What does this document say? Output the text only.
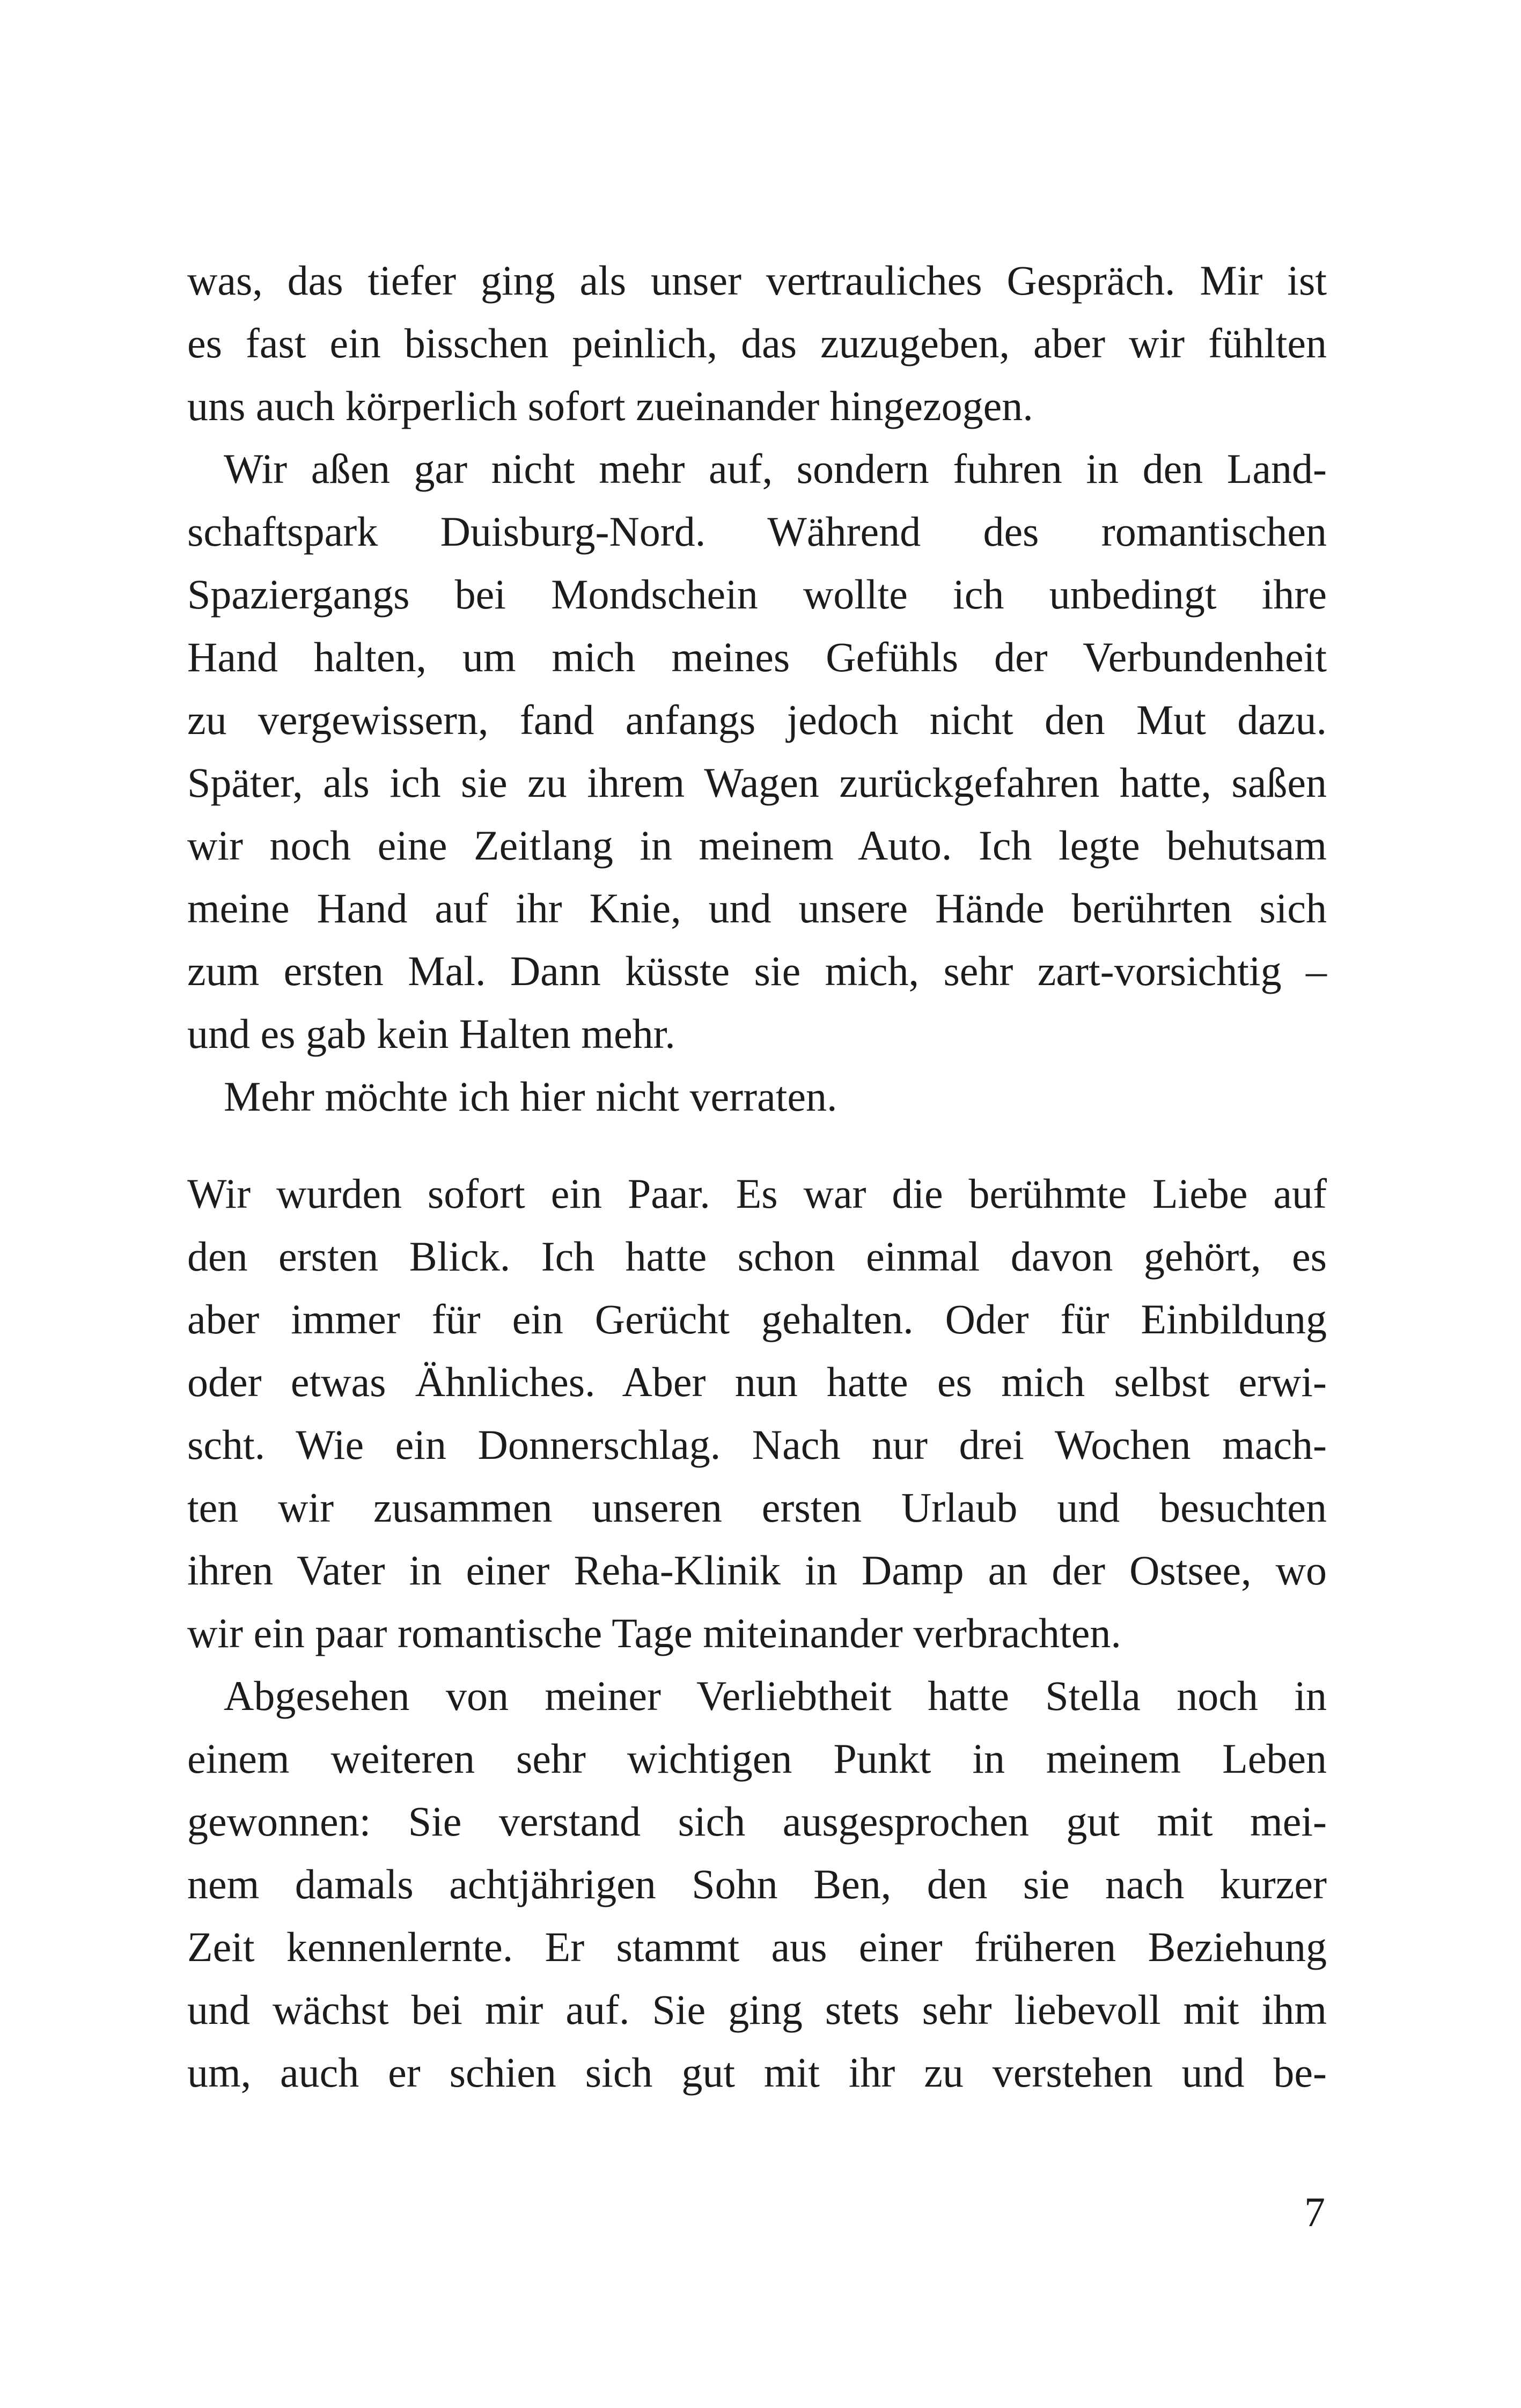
was, das tiefer ging als unser vertrauliches Gespräch. Mir ist
es fast ein bisschen peinlich, das zuzugeben, aber wir fühlten
uns auch körperlich sofort zueinander hingezogen.

Wir aßen gar nicht mehr auf, sondern fuhren in den Land-
schaftspark Duisburg-Nord. Während des romantischen
Spaziergangs bei Mondschein wollte ich unbedingt ihre
Hand halten, um mich meines Gefühls der Verbundenheit
zu vergewissern, fand anfangs jedoch nicht den Mut dazu.
Später, als ich sie zu ihrem Wagen zurückgefahren hatte, saßen
wir noch eine Zeitlang in meinem Auto. Ich legte behutsam
meine Hand auf ihr Knie, und unsere Hände berührten sich
zum ersten Mal. Dann küsste sie mich, sehr zart-vorsichtig –
und es gab kein Halten mehr.

Mehr möchte ich hier nicht verraten.

Wir wurden sofort ein Paar. Es war die berühmte Liebe auf
den ersten Blick. Ich hatte schon einmal davon gehört, es
aber immer für ein Gerücht gehalten. Oder für Einbildung
oder etwas Ähnliches. Aber nun hatte es mich selbst erwi-
scht. Wie ein Donnerschlag. Nach nur drei Wochen mach-
ten wir zusammen unseren ersten Urlaub und besuchten
ihren Vater in einer Reha-Klinik in Damp an der Ostsee, wo
wir ein paar romantische Tage miteinander verbrachten.

Abgesehen von meiner Verliebtheit hatte Stella noch in
einem weiteren sehr wichtigen Punkt in meinem Leben
gewonnen: Sie verstand sich ausgesprochen gut mit mei-
nem damals achtjährigen Sohn Ben, den sie nach kurzer
Zeit kennenlernte. Er stammt aus einer früheren Beziehung
und wächst bei mir auf. Sie ging stets sehr liebevoll mit ihm
um, auch er schien sich gut mit ihr zu verstehen und be-

7
